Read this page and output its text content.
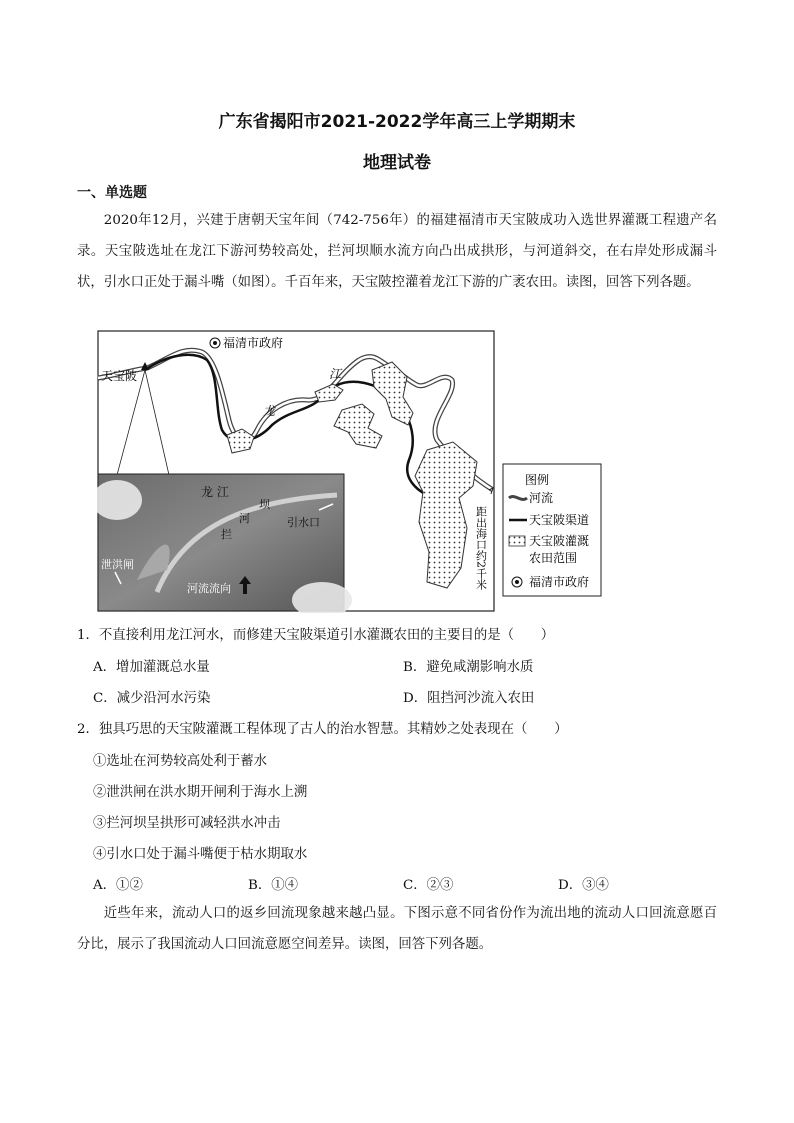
广东省揭阳市2021-2022学年高三上学期期末
地理试卷
一、单选题
2020年12月，兴建于唐朝天宝年间（742-756年）的福建福清市天宝陂成功入选世界灌溉工程遗产名录。天宝陂选址在龙江下游河势较高处，拦河坝顺水流方向凸出成拱形，与河道斜交，在右岸处形成漏斗状，引水口正处于漏斗嘴（如图）。千百年来，天宝陂控灌着龙江下游的广袤农田。读图，回答下列各题。
福清市政府
天宝陂	江
龙
龙 江
坝
河
拦
引水口
泄洪闸
河流流向	距出海口约2千米
图例
河流
天宝陂渠道
天宝陂灌溉
农田范围
福清市政府
1．不直接利用龙江河水，而修建天宝陂渠道引水灌溉农田的主要目的是（　　）
A．增加灌溉总水量	B．避免咸潮影响水质
C．减少沿河水污染	D．阻挡河沙流入农田
2．独具巧思的天宝陂灌溉工程体现了古人的治水智慧。其精妙之处表现在（　　）
①选址在河势较高处利于蓄水
②泄洪闸在洪水期开闸利于海水上溯
③拦河坝呈拱形可减轻洪水冲击
④引水口处于漏斗嘴便于枯水期取水
A．①②	B．①④	C．②③	D．③④
近些年来，流动人口的返乡回流现象越来越凸显。下图示意不同省份作为流出地的流动人口回流意愿百分比，展示了我国流动人口回流意愿空间差异。读图，回答下列各题。
